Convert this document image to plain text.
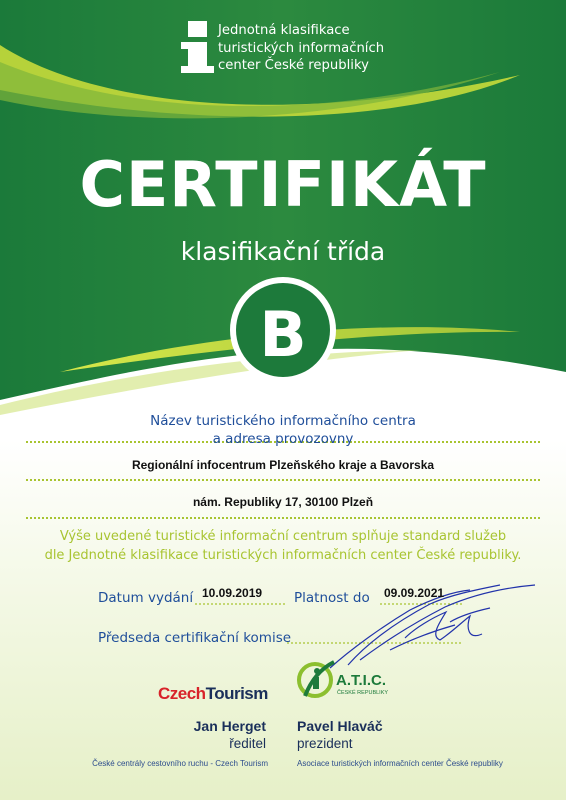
Jednotná klasifikace
turistických informačních
center České republiky
CERTIFIKÁT
klasifikační třída
B
Název turistického informačního centra
a adresa provozovny
Regionální infocentrum Plzeňského kraje a Bavorska
nám. Republiky 17, 30100 Plzeň
Výše uvedené turistické informační centrum splňuje standard služeb
dle Jednotné klasifikace turistických informačních center České republiky.
Datum vydání 10.09.2019 Platnost do 09.09.2021
Předseda certifikační komise
CzechTourism
A.T.I.C.
ČESKÉ REPUBLIKY
Jan Herget
ředitel
České centrály cestovního ruchu - Czech Tourism
Pavel Hlaváč
prezident
Asociace turistických informačních center České republiky
